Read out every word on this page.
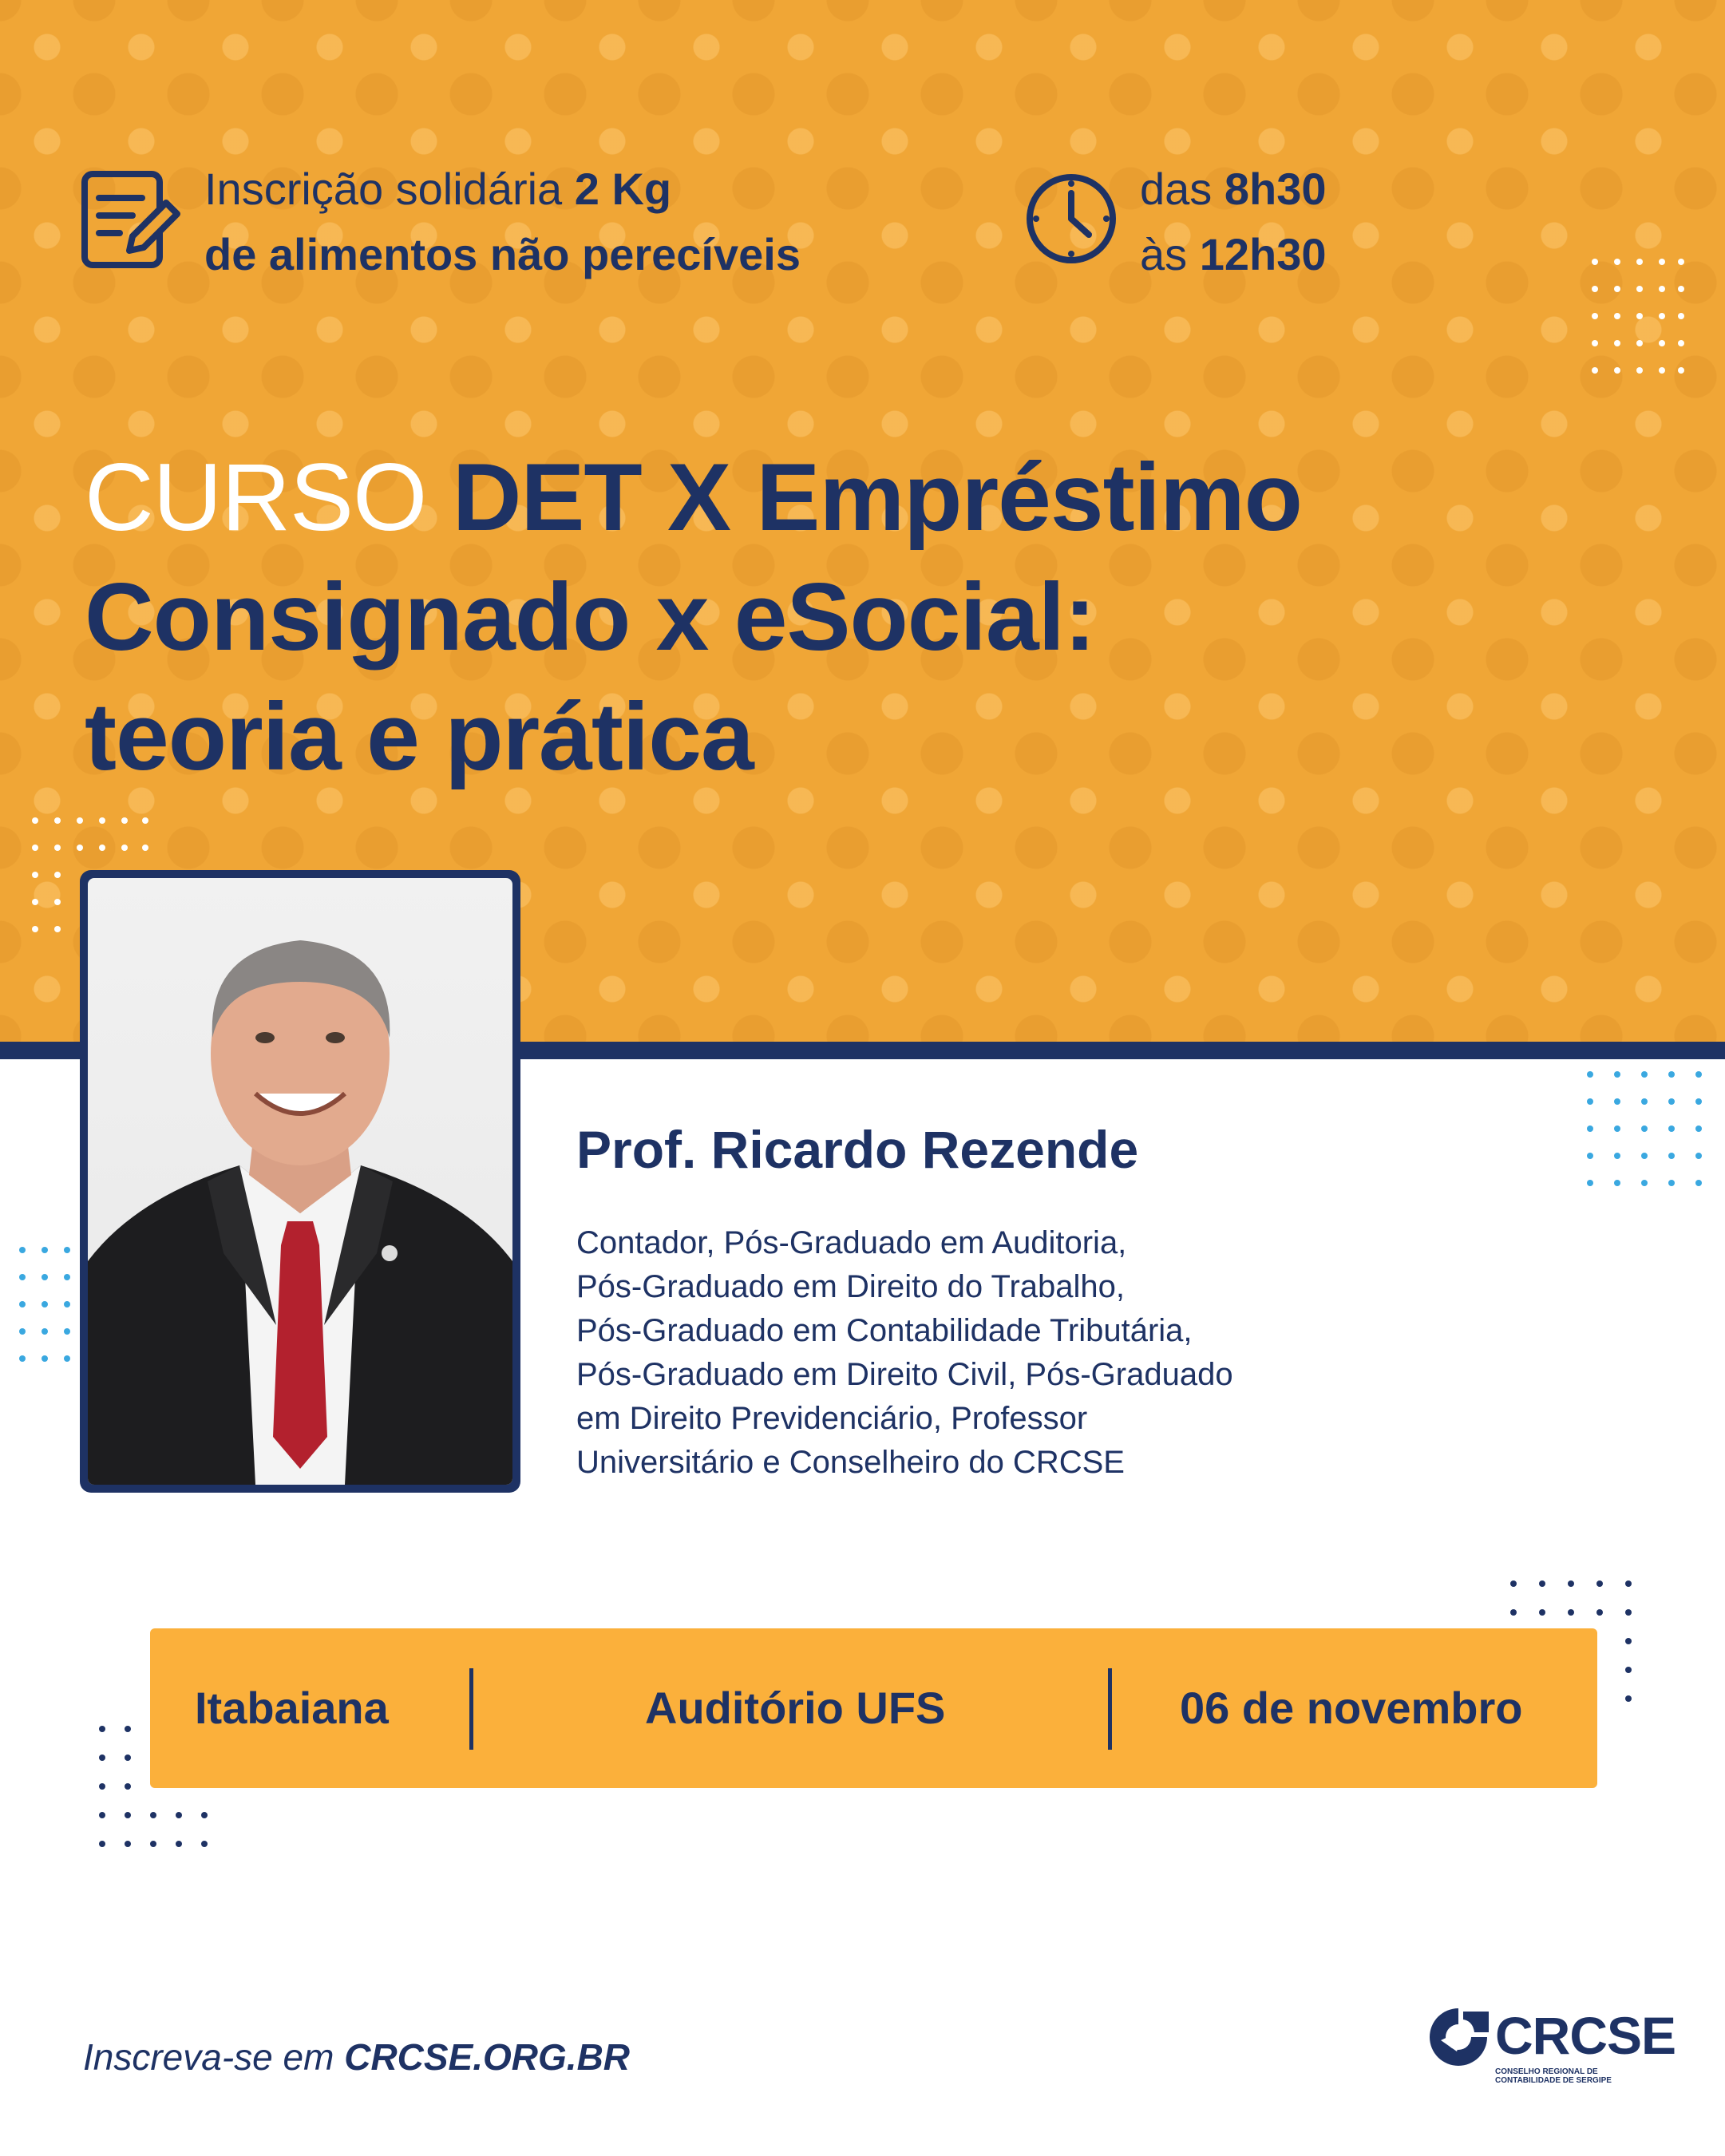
Inscrição solidária 2 Kg
de alimentos não perecíveis
das 8h30
às 12h30
CURSO DET X Empréstimo
Consignado x eSocial:
teoria e prática
Prof. Ricardo Rezende
Contador, Pós-Graduado em Auditoria,
Pós-Graduado em Direito do Trabalho,
Pós-Graduado em Contabilidade Tributária,
Pós-Graduado em Direito Civil, Pós-Graduado
em Direito Previdenciário, Professor
Universitário e Conselheiro do CRCSE
Itabaiana	Auditório UFS	06 de novembro
Inscreva-se em CRCSE.ORG.BR	CRCSE
CONSELHO REGIONAL DE CONTABILIDADE DE SERGIPE
